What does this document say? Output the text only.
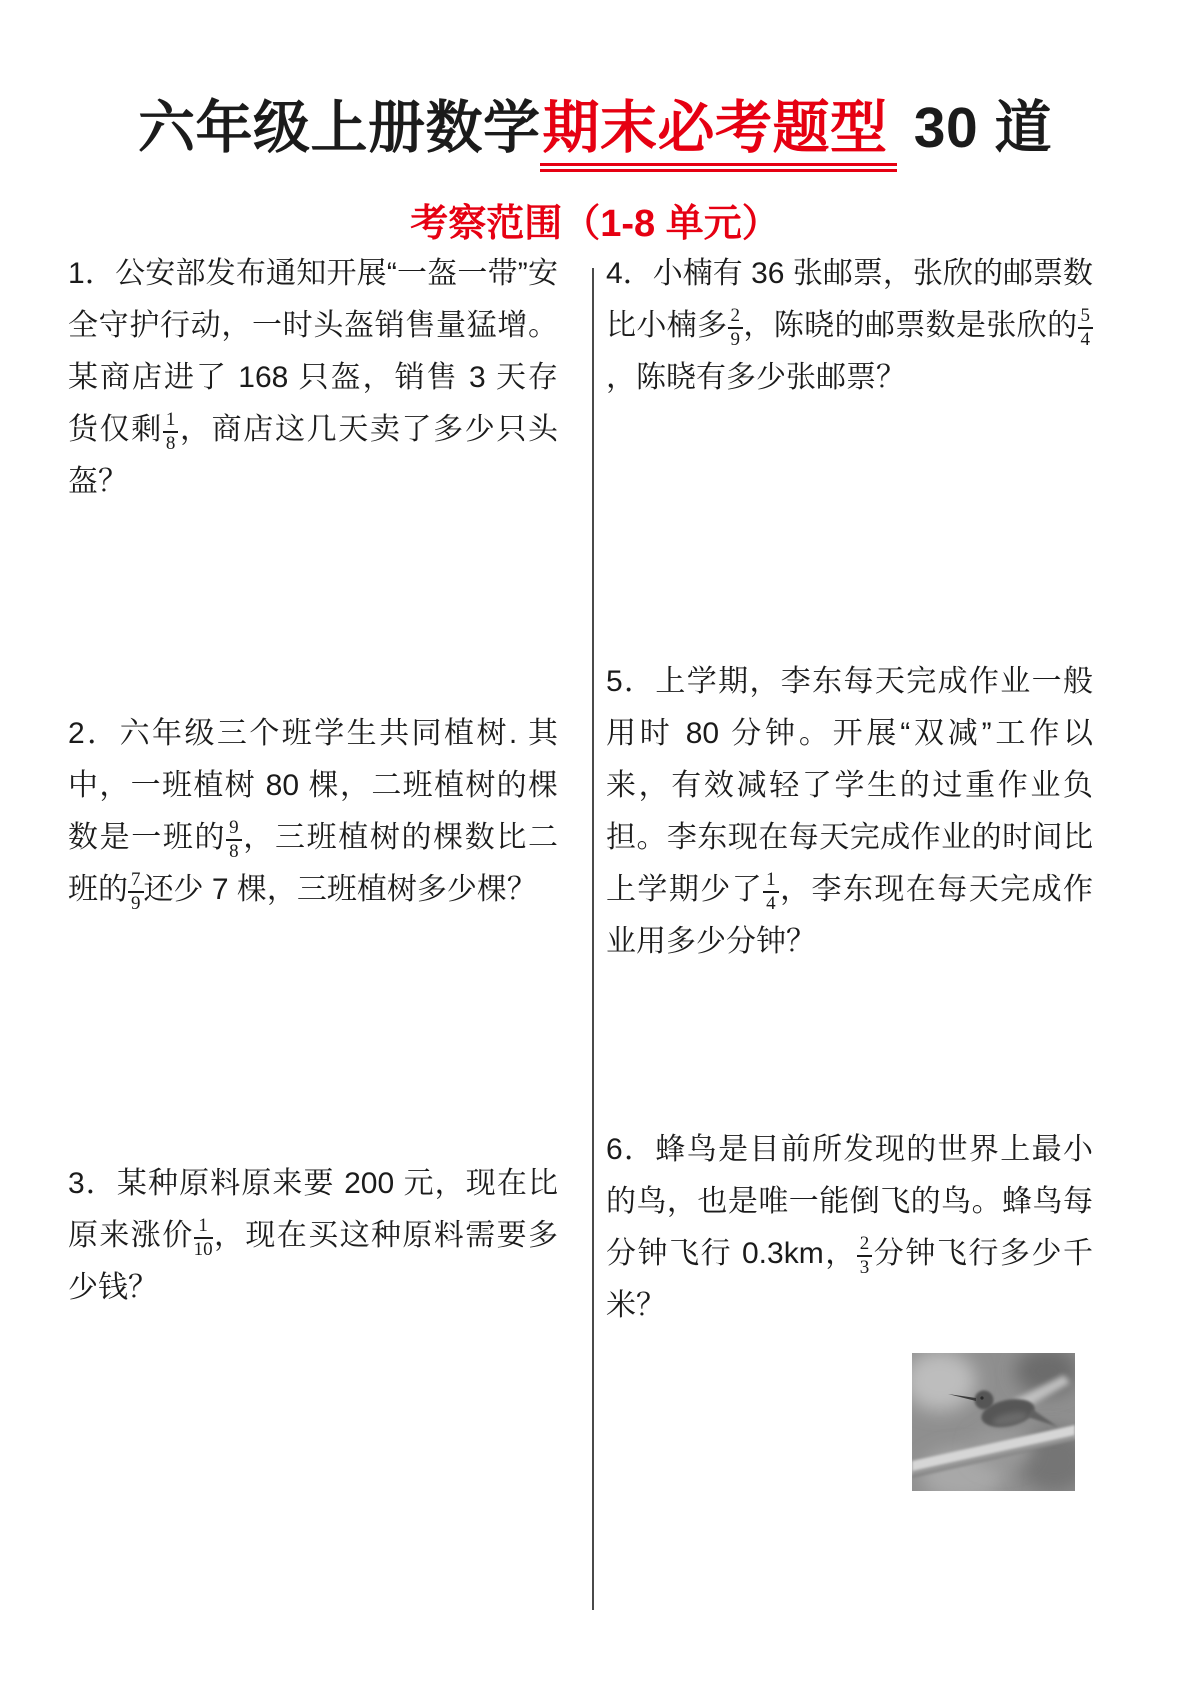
六年级上册数学期末必考题型 30 道
考察范围（1-8 单元）
1．公安部发布通知开展“一盔一带”安全守护行动，一时头盔销售量猛增。某商店进了 168 只盔，销售 3 天存货仅剩 $\frac{1}{8}$ ，商店这几天卖了多少只头盔？
2．六年级三个班学生共同植树. 其中，一班植树 80 棵，二班植树的棵数是一班的 $\frac{9}{8}$ ，三班植树的棵数比二班的 $\frac{7}{9}$ 还少 7 棵，三班植树多少棵？
3．某种原料原来要 200 元，现在比原来涨价 $\frac{1}{10}$ ，现在买这种原料需要多少钱？
4．小楠有 36 张邮票，张欣的邮票数比小楠多 $\frac{2}{9}$ ，陈晓的邮票数是张欣的 $\frac{5}{4}$
，陈晓有多少张邮票？
5．上学期，李东每天完成作业一般用时 80 分钟。开展“双减”工作以来，有效减轻了学生的过重作业负担。李东现在每天完成作业的时间比上学期少了 $\frac{1}{4}$ ，李东现在每天完成作业用多少分钟？
6．蜂鸟是目前所发现的世界上最小的鸟，也是唯一能倒飞的鸟。蜂鸟每分钟飞行 0.3km， $\frac{2}{3}$ 分钟飞行多少千米？
